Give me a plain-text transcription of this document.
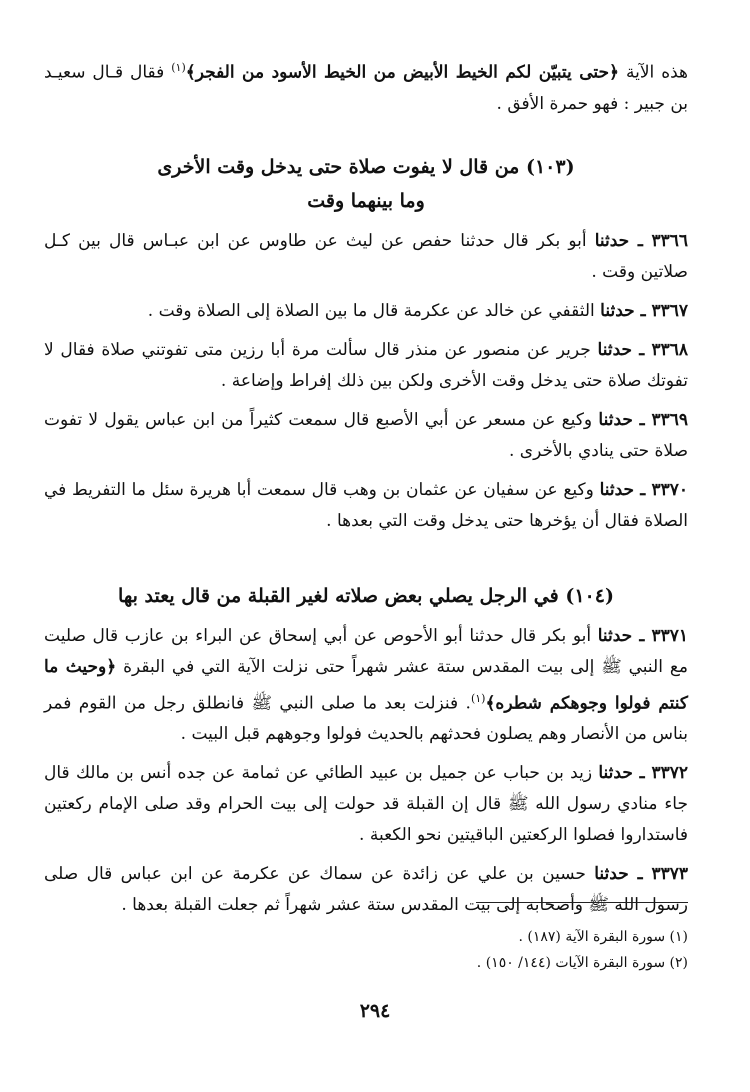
هذه الآية ﴿حتى يتبيّن لكم الخيط الأبيض من الخيط الأسود من الفجر﴾$^{(١)}$ فقال قـال سعيـد بن جبير : فهو حمرة الأفق .

(١٠٣) من قال لا يفوت صلاة حتى يدخل وقت الأخرى
وما بينهما وقت

٣٣٦٦ ـ حدثنا أبو بكر قال حدثنا حفص عن ليث عن طاوس عن ابن عبـاس قال بين كـل صلاتين وقت .

٣٣٦٧ ـ حدثنا الثقفي عن خالد عن عكرمة قال ما بين الصلاة إلى الصلاة وقت .

٣٣٦٨ ـ حدثنا جرير عن منصور عن منذر قال سألت مرة أبا رزين متى تفوتني صلاة فقال لا تفوتك صلاة حتى يدخل وقت الأخرى ولكن بين ذلك إفراط وإضاعة .

٣٣٦٩ ـ حدثنا وكيع عن مسعر عن أبي الأصبع قال سمعت كثيراً من ابن عباس يقول لا تفوت صلاة حتى ينادي بالأخرى .

٣٣٧٠ ـ حدثنا وكيع عن سفيان عن عثمان بن وهب قال سمعت أبا هريرة سئل ما التفريط في الصلاة فقال أن يؤخرها حتى يدخل وقت التي بعدها .

(١٠٤) في الرجل يصلي بعض صلاته لغير القبلة من قال يعتد بها

٣٣٧١ ـ حدثنا أبو بكر قال حدثنا أبو الأحوص عن أبي إسحاق عن البراء بن عازب قال صليت مع النبي ﷺ إلى بيت المقدس ستة عشر شهراً حتى نزلت الآية التي في البقرة ﴿وحيث ما كنتم فولوا وجوهكم شطره﴾$^{(١)}$. فنزلت بعد ما صلى النبي ﷺ فانطلق رجل من القوم فمر بناس من الأنصار وهم يصلون فحدثهم بالحديث فولوا وجوههم قبل البيت .

٣٣٧٢ ـ حدثنا زيد بن حباب عن جميل بن عبيد الطائي عن ثمامة عن جده أنس بن مالك قال جاء منادي رسول الله ﷺ قال إن القبلة قد حولت إلى بيت الحرام وقد صلى الإمام ركعتين فاستداروا فصلوا الركعتين الباقيتين نحو الكعبة .

٣٣٧٣ ـ حدثنا حسين بن علي عن زائدة عن سماك عن عكرمة عن ابن عباس قال صلى رسول الله ﷺ وأصحابه إلى بيت المقدس ستة عشر شهراً ثم جعلت القبلة بعدها .

(١) سورة البقرة الآية (١٨٧) .
(٢) سورة البقرة الآيات (١٤٤/ ١٥٠) .
٢٩٤
